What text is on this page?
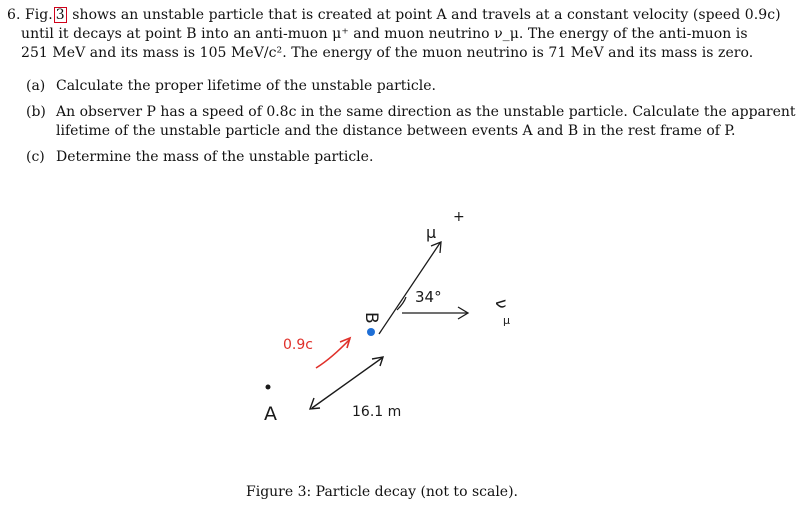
6. Fig. 3 shows an unstable particle that is created at point A and travels at a constant velocity (speed 0.9c)
until it decays at point B into an anti-muon μ⁺ and muon neutrino ν_μ. The energy of the anti-muon is
251 MeV and its mass is 105 MeV/c². The energy of the muon neutrino is 71 MeV and its mass is zero.
(a) Calculate the proper lifetime of the unstable particle.
(b) An observer P has a speed of 0.8c in the same direction as the unstable particle. Calculate the apparent
lifetime of the unstable particle and the distance between events A and B in the rest frame of P.
(c) Determine the mass of the unstable particle.
A
B
0.9c
16.1 m
μ
+
ν
μ
34°
Figure 3: Particle decay (not to scale).
